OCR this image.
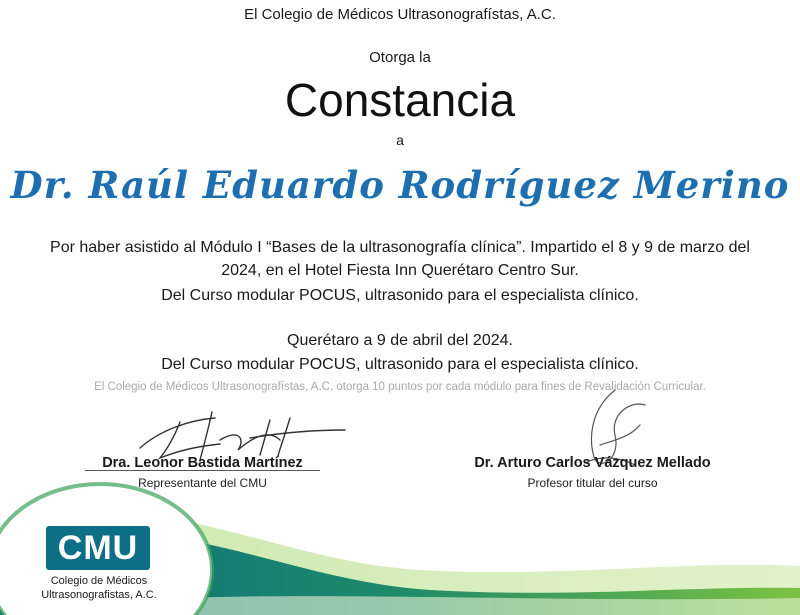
El Colegio de Médicos Ultrasonografístas, A.C.
Otorga la
Constancia
a
Dr. Raúl Eduardo Rodríguez Merino
Por haber asistido al Módulo I “Bases de la ultrasonografía clínica”. Impartido el 8 y 9 de marzo del
2024, en el Hotel Fiesta Inn Querétaro Centro Sur.
Del Curso modular POCUS, ultrasonido para el especialista clínico.
Querétaro a 9 de abril del 2024.
Del Curso modular POCUS, ultrasonido para el especialista clínico.
El Colegio de Médicos Ultrasonografístas, A.C. otorga 10 puntos por cada módulo para fines de Revalidación Curricular.
Dra. Leonor Bastida Martínez
Representante del CMU
Dr. Arturo Carlos Vázquez Mellado
Profesor titular del curso
CMU
Colegio de Médicos
Ultrasonografistas, A.C.
